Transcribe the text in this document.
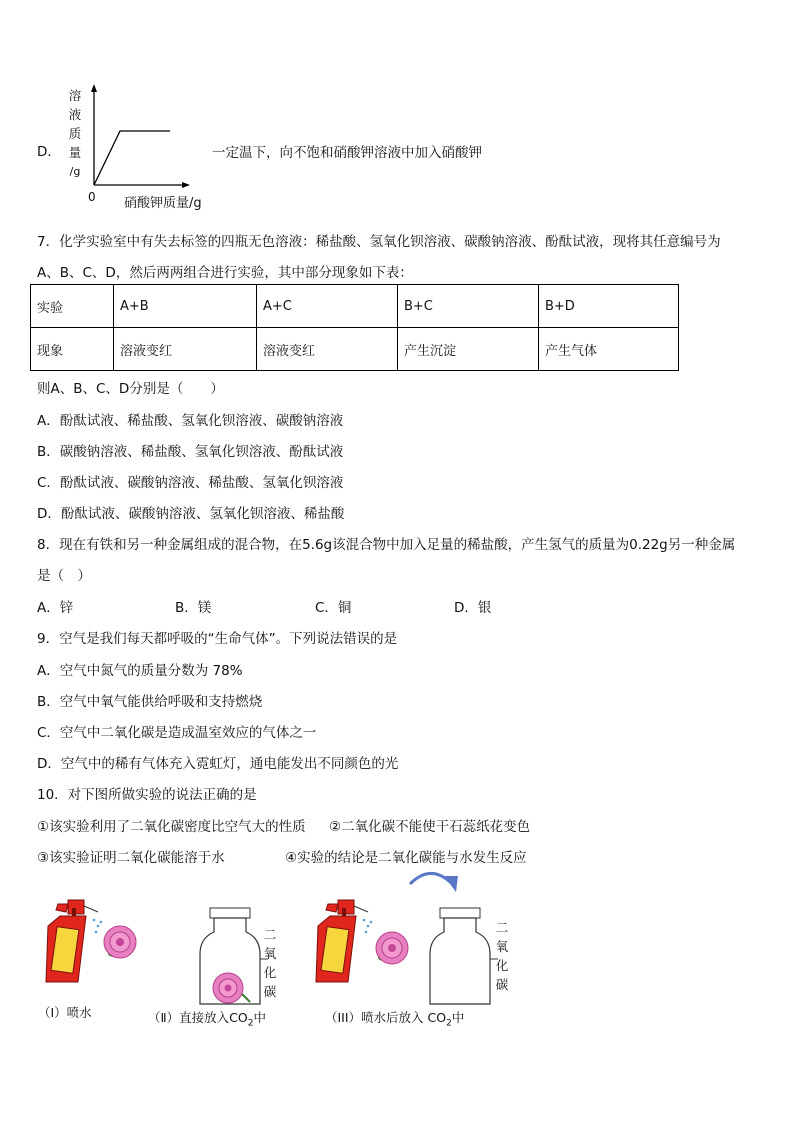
D．
溶
液
质
量
/g
0 硝酸钾质量/g
一定温下，向不饱和硝酸钾溶液中加入硝酸钾
7．化学实验室中有失去标签的四瓶无色溶液：稀盐酸、氢氧化钡溶液、碳酸钠溶液、酚酞试液，现将其任意编号为
A、B、C、D，然后两两组合进行实验，其中部分现象如下表：
实验	A+B	A+C	B+C	B+D
现象	溶液变红	溶液变红	产生沉淀	产生气体
则A、B、C、D分别是（　　）
A．酚酞试液、稀盐酸、氢氧化钡溶液、碳酸钠溶液
B．碳酸钠溶液、稀盐酸、氢氧化钡溶液、酚酞试液
C．酚酞试液、碳酸钠溶液、稀盐酸、氢氧化钡溶液
D．酚酞试液、碳酸钠溶液、氢氧化钡溶液、稀盐酸
8．现在有铁和另一种金属组成的混合物，在5.6g该混合物中加入足量的稀盐酸，产生氢气的质量为0.22g另一种金属
是（　）
A．锌	B．镁	C．铜	D．银
9．空气是我们每天都呼吸的“生命气体”。下列说法错误的是
A．空气中氮气的质量分数为 78%
B．空气中氧气能供给呼吸和支持燃烧
C．空气中二氧化碳是造成温室效应的气体之一
D．空气中的稀有气体充入霓虹灯，通电能发出不同颜色的光
10．对下图所做实验的说法正确的是
①该实验利用了二氧化碳密度比空气大的性质 ②二氧化碳不能使干石蕊纸花变色
③该实验证明二氧化碳能溶于水	④实验的结论是二氧化碳能与水发生反应
二
氧
化
碳
二
氧
化
碳
（I）喷水	（Ⅱ）直接放入$CO_2$中	（III）喷水后放入 $CO_2$中
